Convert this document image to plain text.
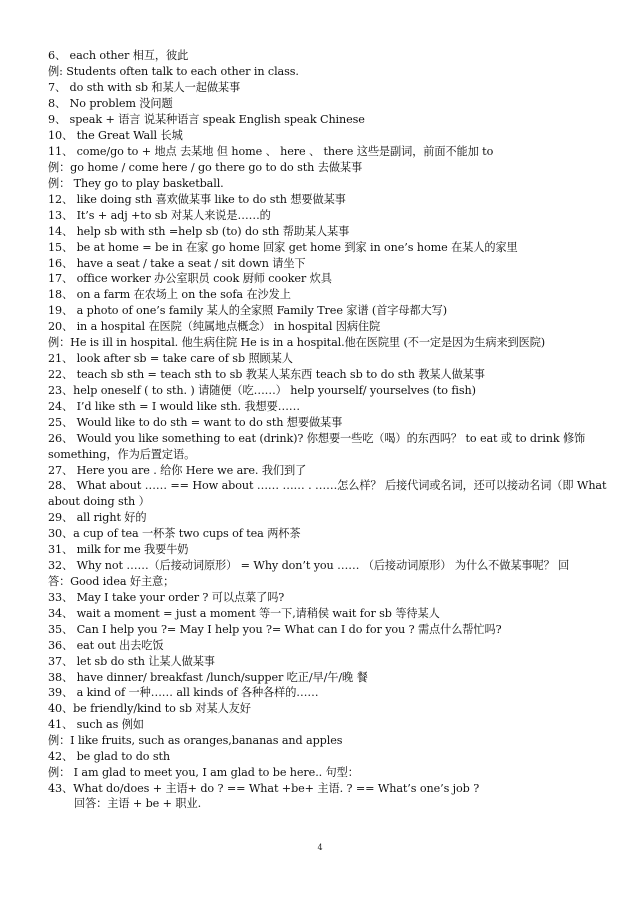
6、 each other 相互，彼此
例: Students often talk to each other in class.
7、 do sth with sb 和某人一起做某事
8、 No problem 没问题
9、 speak + 语言 说某种语言 speak English speak Chinese
10、 the Great Wall 长城
11、 come/go to + 地点 去某地 但 home 、 here 、 there 这些是副词，前面不能加 to
例：go home / come here / go there go to do sth 去做某事
例： They go to play basketball.
12、 like doing sth 喜欢做某事 like to do sth 想要做某事
13、 It’s + adj +to sb 对某人来说是……的
14、 help sb with sth =help sb (to) do sth 帮助某人某事
15、 be at home = be in 在家 go home 回家 get home 到家 in one’s home 在某人的家里
16、 have a seat / take a seat / sit down 请坐下
17、 office worker 办公室职员 cook 厨师 cooker 炊具
18、 on a farm 在农场上 on the sofa 在沙发上
19、 a photo of one’s family 某人的全家照 Family Tree 家谱 (首字母都大写)
20、 in a hospital 在医院（纯属地点概念） in hospital 因病住院
例：He is ill in hospital. 他生病住院 He is in a hospital.他在医院里 (不一定是因为生病来到医院)
21、 look after sb = take care of sb 照顾某人
22、 teach sb sth = teach sth to sb 教某人某东西 teach sb to do sth 教某人做某事
23、help oneself ( to sth. ) 请随便（吃……） help yourself/ yourselves (to fish)
24、 I’d like sth = I would like sth. 我想要……
25、 Would like to do sth = want to do sth 想要做某事
26、 Would you like something to eat (drink)? 你想要一些吃（喝）的东西吗？ to eat 或 to drink 修饰
something，作为后置定语。
27、 Here you are . 给你 Here we are. 我们到了
28、 What about …… == How about …… …… . ……怎么样？ 后接代词或名词，还可以接动名词（即 What
about doing sth ）
29、 all right 好的
30、a cup of tea 一杯茶 two cups of tea 两杯茶
31、 milk for me 我要牛奶
32、 Why not ……（后接动词原形） = Why don’t you …… （后接动词原形） 为什么不做某事呢？ 回
答：Good idea 好主意；
33、 May I take your order ? 可以点菜了吗?
34、 wait a moment = just a moment 等一下,请稍侯 wait for sb 等待某人
35、 Can I help you ?= May I help you ?= What can I do for you ? 需点什么帮忙吗?
36、 eat out 出去吃饭
37、 let sb do sth 让某人做某事
38、 have dinner/ breakfast /lunch/supper 吃正/早/午/晚 餐
39、 a kind of 一种…… all kinds of 各种各样的……
40、be friendly/kind to sb 对某人友好
41、 such as 例如
例：I like fruits, such as oranges,bananas and apples
42、 be glad to do sth
例： I am glad to meet you, I am glad to be here.. 句型：
43、What do/does + 主语+ do ? == What +be+ 主语. ? == What’s one’s job ?
回答：主语 + be + 职业.
4
